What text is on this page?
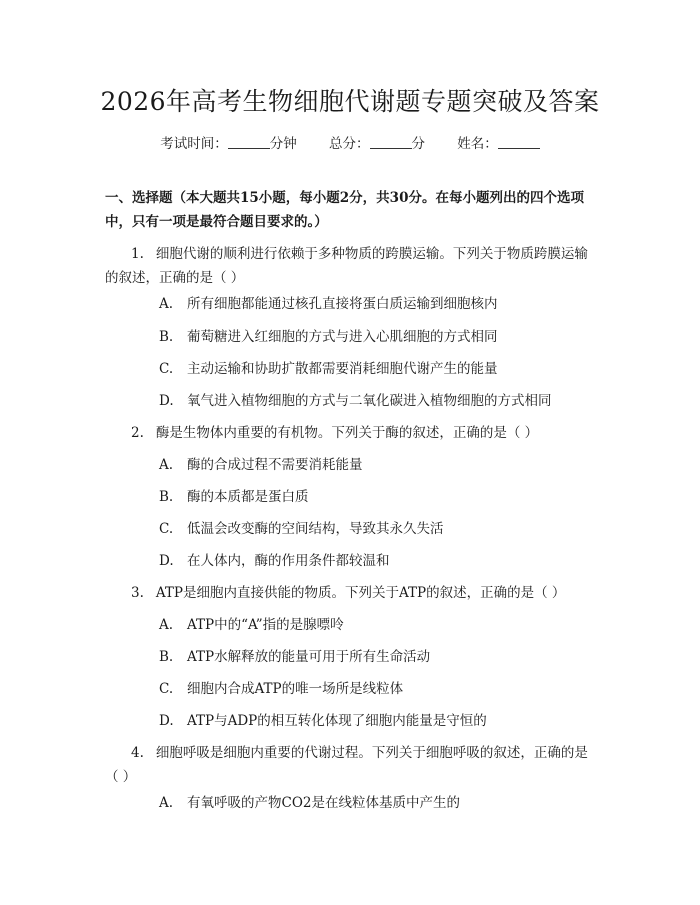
2026年高考生物细胞代谢题专题突破及答案
考试时间：	分钟 总分：	分 姓名：
一、选择题（本大题共15小题，每小题2分，共30分。在每小题列出的四个选项中，只有一项是最符合题目要求的。）
1. 细胞代谢的顺利进行依赖于多种物质的跨膜运输。下列关于物质跨膜运输的叙述，正确的是（ ）
A. 所有细胞都能通过核孔直接将蛋白质运输到细胞核内
B. 葡萄糖进入红细胞的方式与进入心肌细胞的方式相同
C. 主动运输和协助扩散都需要消耗细胞代谢产生的能量
D. 氧气进入植物细胞的方式与二氧化碳进入植物细胞的方式相同
2. 酶是生物体内重要的有机物。下列关于酶的叙述，正确的是（ ）
A. 酶的合成过程不需要消耗能量
B. 酶的本质都是蛋白质
C. 低温会改变酶的空间结构，导致其永久失活
D. 在人体内，酶的作用条件都较温和
3. ATP是细胞内直接供能的物质。下列关于ATP的叙述，正确的是（ ）
A. ATP中的“A”指的是腺嘌呤
B. ATP水解释放的能量可用于所有生命活动
C. 细胞内合成ATP的唯一场所是线粒体
D. ATP与ADP的相互转化体现了细胞内能量是守恒的
4. 细胞呼吸是细胞内重要的代谢过程。下列关于细胞呼吸的叙述，正确的是（ ）
A. 有氧呼吸的产物CO2是在线粒体基质中产生的
